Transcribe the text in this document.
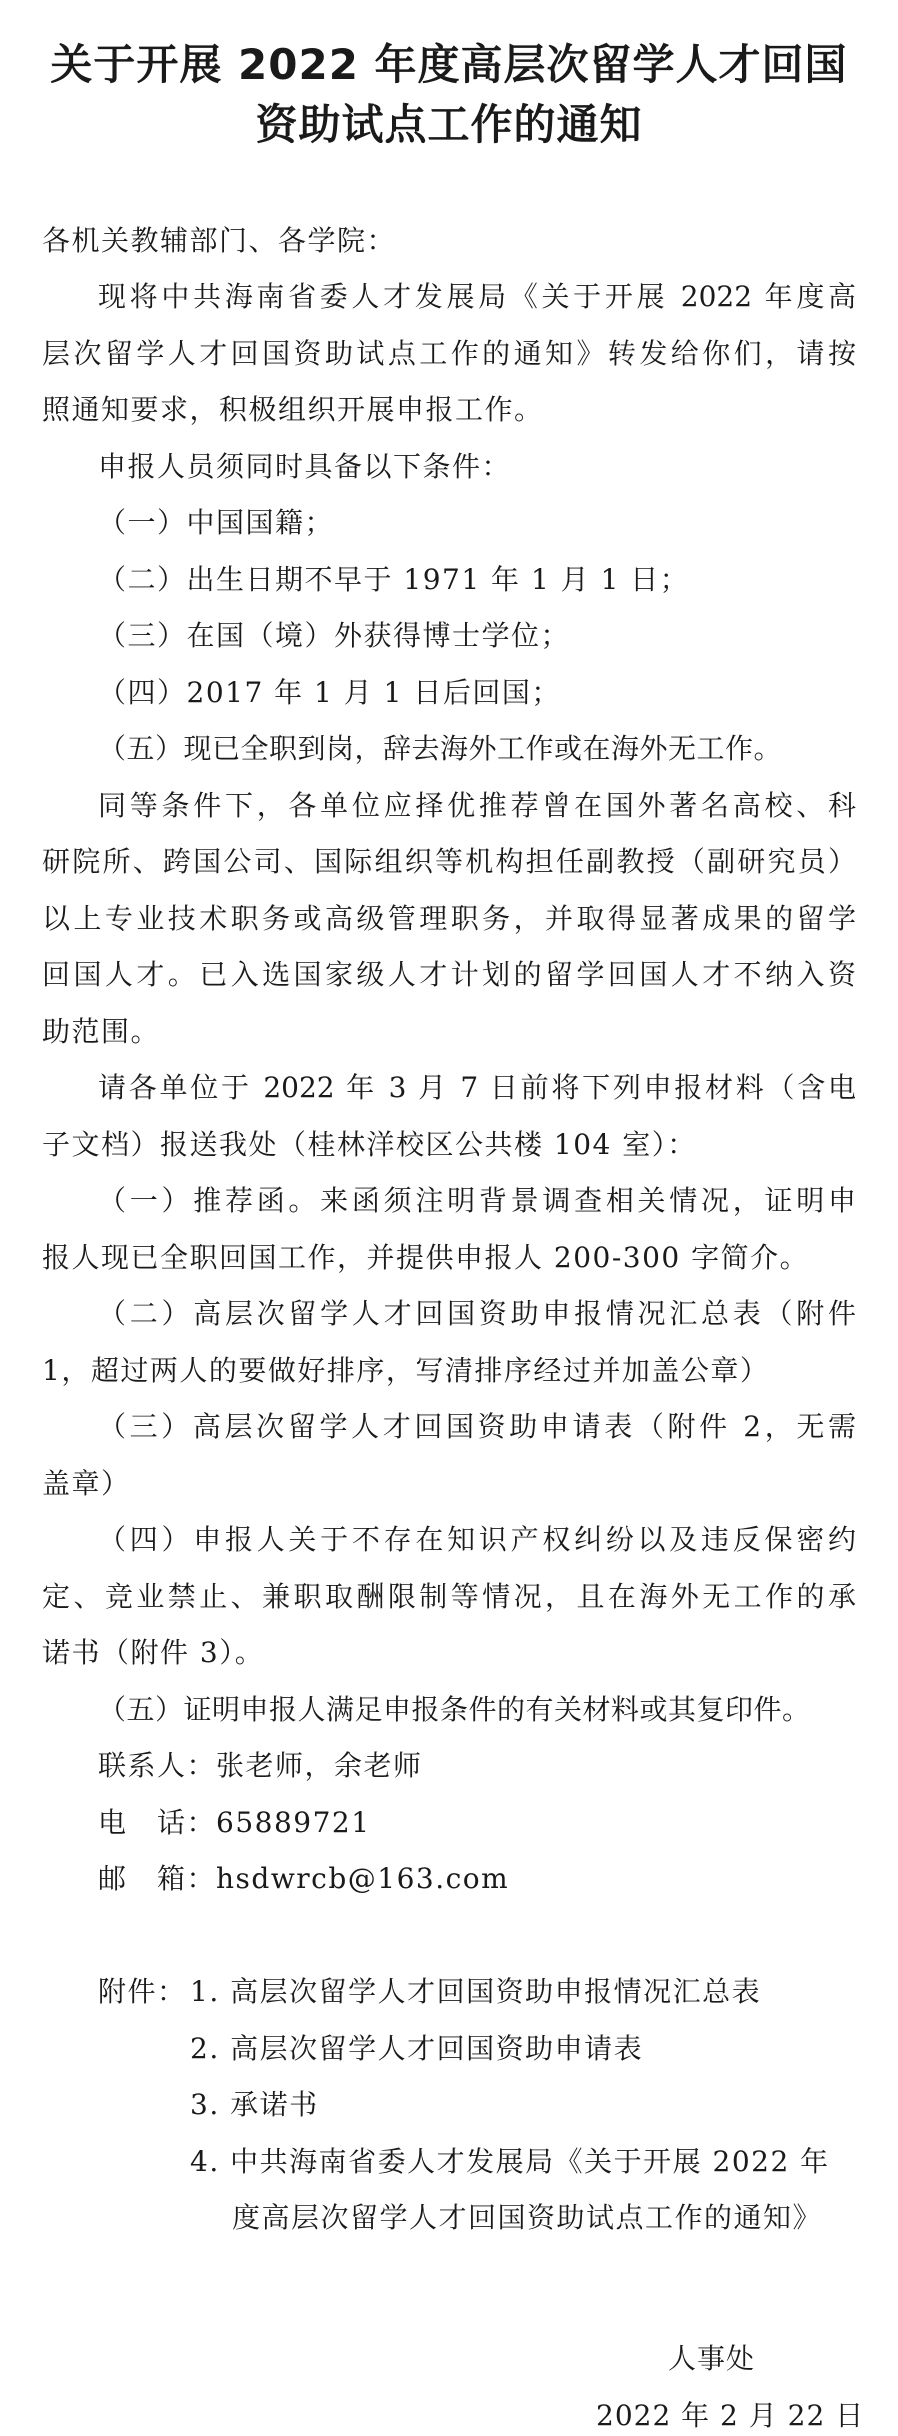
关于开展 2022 年度高层次留学人才回国
资助试点工作的通知

各机关教辅部门、各学院：

现将中共海南省委人才发展局《关于开展 2022 年度高

层次留学人才回国资助试点工作的通知》转发给你们，请按

照通知要求，积极组织开展申报工作。

申报人员须同时具备以下条件：

（一）中国国籍；

（二）出生日期不早于 1971 年 1 月 1 日；

（三）在国（境）外获得博士学位；

（四）2017 年 1 月 1 日后回国；

（五）现已全职到岗，辞去海外工作或在海外无工作。

同等条件下，各单位应择优推荐曾在国外著名高校、科

研院所、跨国公司、国际组织等机构担任副教授（副研究员）

以上专业技术职务或高级管理职务，并取得显著成果的留学

回国人才。已入选国家级人才计划的留学回国人才不纳入资

助范围。

请各单位于 2022 年 3 月 7 日前将下列申报材料（含电

子文档）报送我处（桂林洋校区公共楼 104 室）：

（一）推荐函。来函须注明背景调查相关情况，证明申

报人现已全职回国工作，并提供申报人 200-300 字简介。

（二）高层次留学人才回国资助申报情况汇总表（附件

1，超过两人的要做好排序，写清排序经过并加盖公章）

（三）高层次留学人才回国资助申请表（附件 2，无需

盖章）

（四）申报人关于不存在知识产权纠纷以及违反保密约

定、竞业禁止、兼职取酬限制等情况，且在海外无工作的承

诺书（附件 3）。

（五）证明申报人满足申报条件的有关材料或其复印件。

联系人：张老师，余老师

电　话：65889721

邮　箱：hsdwrcb@163.com

附件： 1. 高层次留学人才回国资助申报情况汇总表

2. 高层次留学人才回国资助申请表

3. 承诺书

4. 中共海南省委人才发展局《关于开展 2022 年

度高层次留学人才回国资助试点工作的通知》

人事处

2022 年 2 月 22 日
